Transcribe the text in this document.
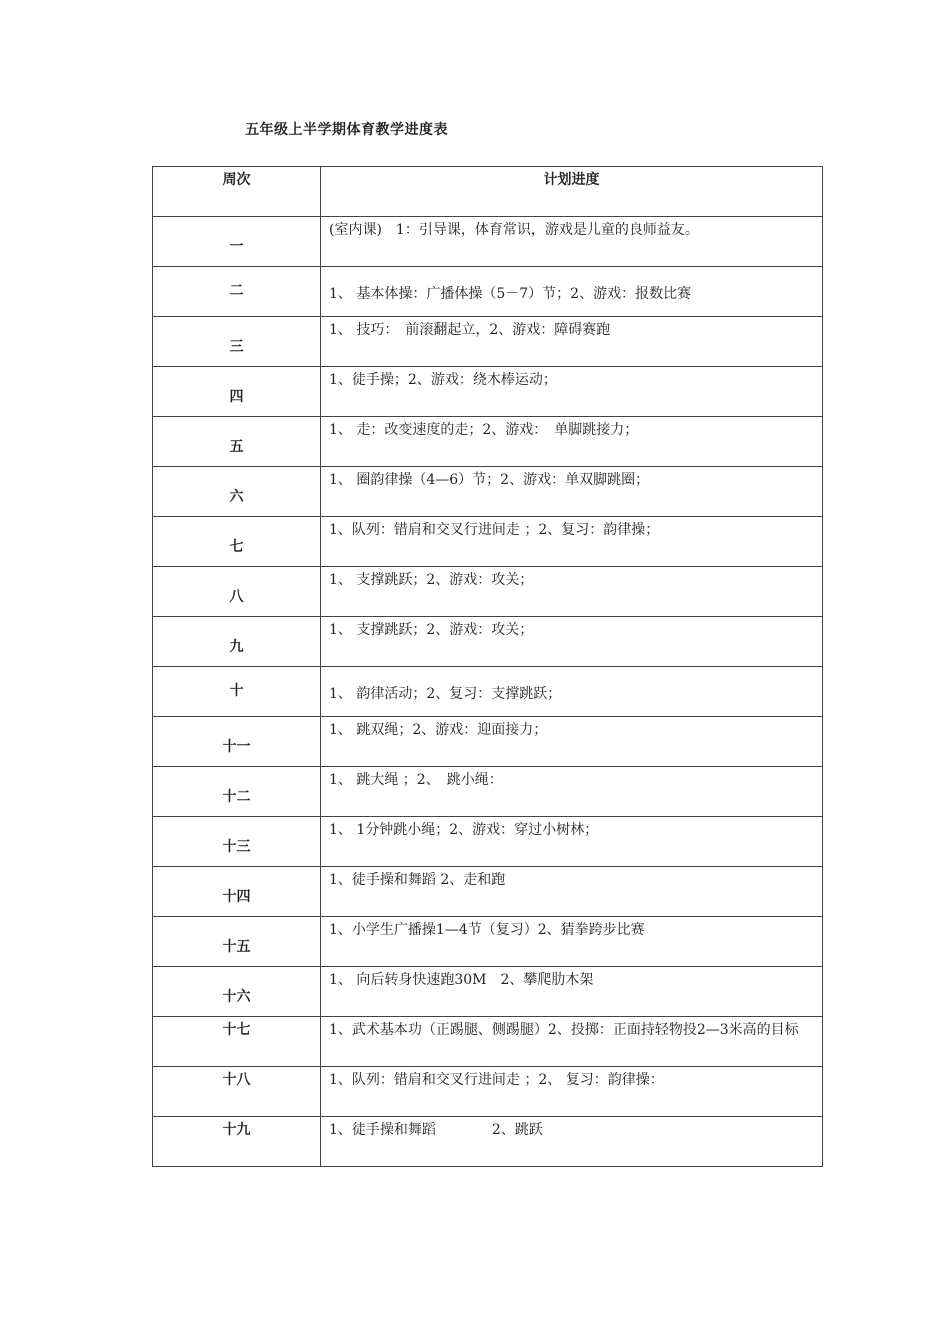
五年级上半学期体育教学进度表
周次	计划进度
一	(室内课)　1：引导课，体育常识，游戏是儿童的良师益友。
二	1、 基本体操：广播体操（5－7）节；2、游戏：报数比赛
三	1、 技巧：　前滚翻起立，2、游戏：障碍赛跑
四	1、徒手操；2、游戏：绕木棒运动；
五	1、 走：改变速度的走；2、游戏：　单脚跳接力；
六	1、 圈韵律操（4—6）节；2、游戏：单双脚跳圈；
七	1、队列：错肩和交叉行进间走 ；2、复习：韵律操；
八	1、 支撑跳跃；2、游戏：攻关；
九	1、 支撑跳跃；2、游戏：攻关；
十	1、 韵律活动；2、复习：支撑跳跃；
十一	1、 跳双绳；2、游戏：迎面接力；
十二	1、 跳大绳 ；2、　跳小绳：
十三	1、 1分钟跳小绳；2、游戏：穿过小树林；
十四	1、徒手操和舞蹈 2、走和跑
十五	1、小学生广播操1—4节（复习）2、猜拳跨步比赛
十六	1、 向后转身快速跑30M　2、攀爬肋木架
十七	1、武术基本功（正踢腿、侧踢腿）2、投掷：正面持轻物投2—3米高的目标
十八	1、队列：错肩和交叉行进间走 ；2、 复习：韵律操：
十九	1、徒手操和舞蹈　　　　2、跳跃
